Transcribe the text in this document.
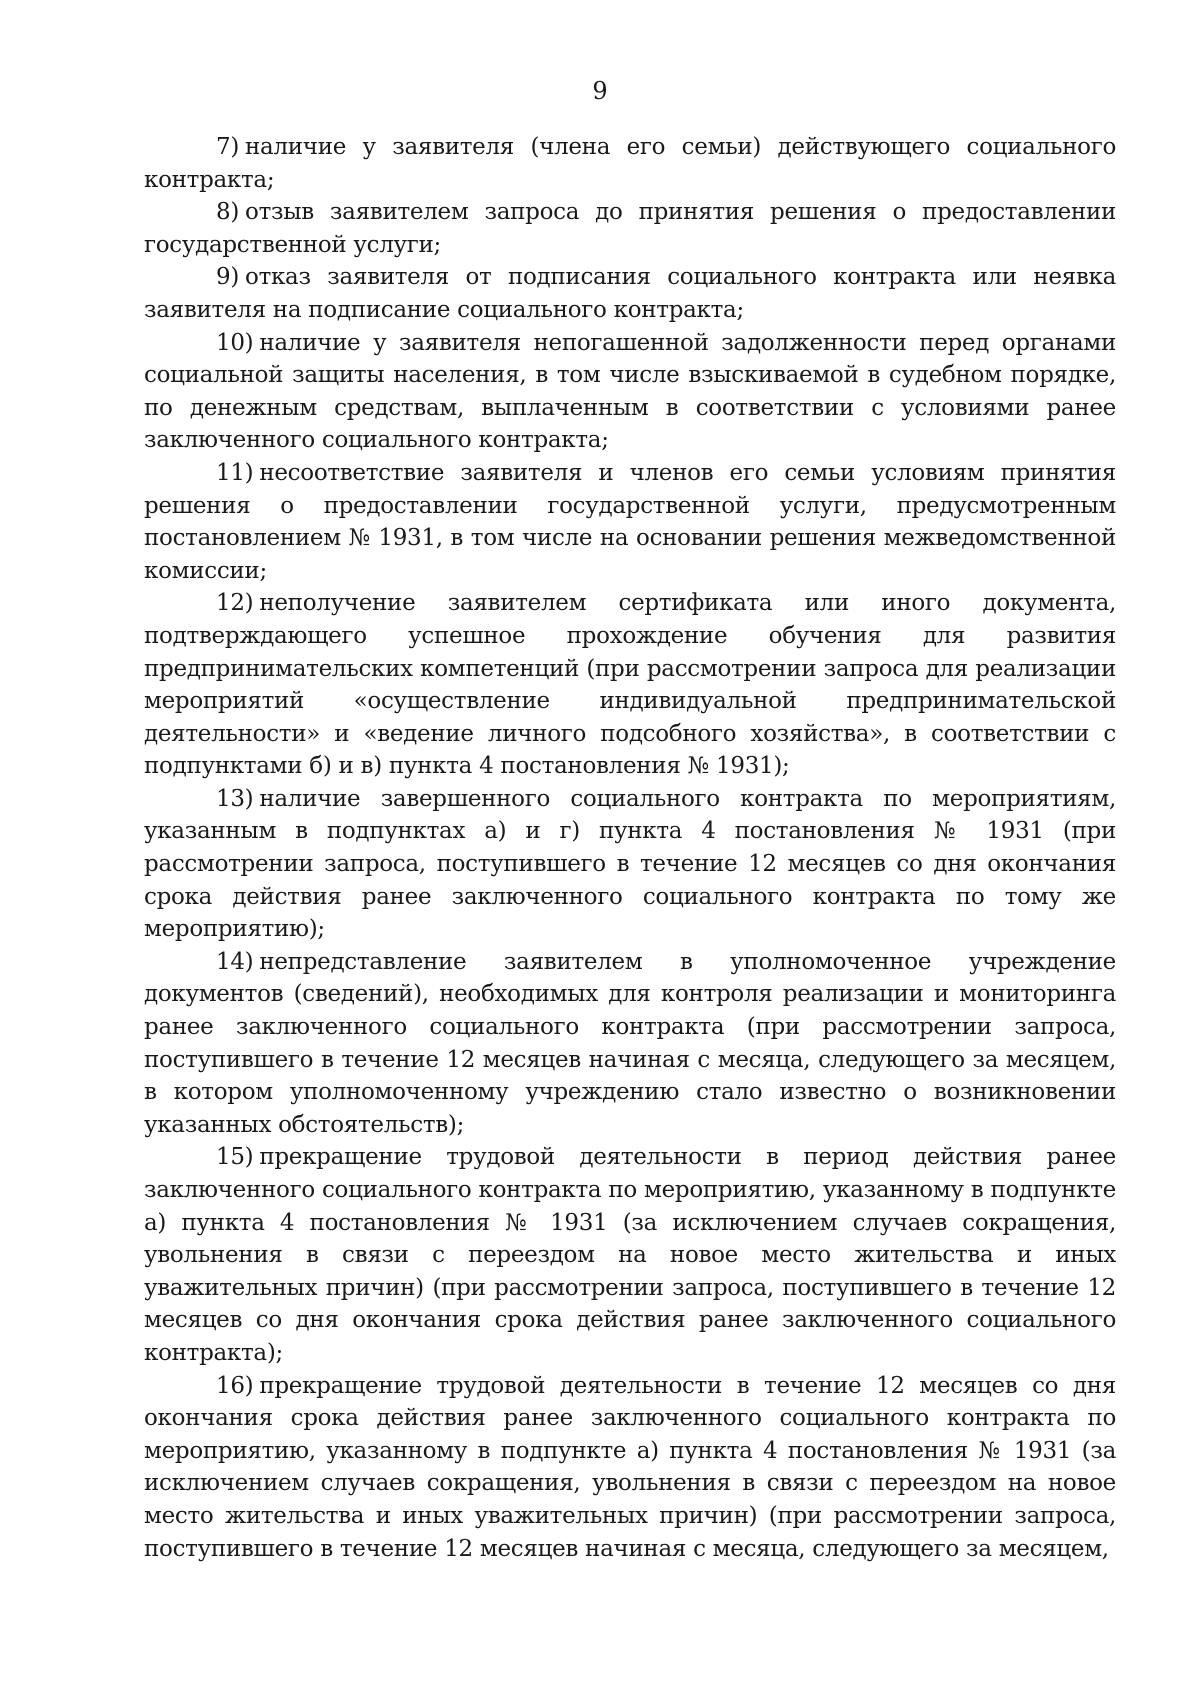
9

7) наличие у заявителя (члена его семьи) действующего социального контракта;

8) отзыв заявителем запроса до принятия решения о предоставлении государственной услуги;

9) отказ заявителя от подписания социального контракта или неявка заявителя на подписание социального контракта;

10) наличие у заявителя непогашенной задолженности перед органами социальной защиты населения, в том числе взыскиваемой в судебном порядке, по денежным средствам, выплаченным в соответствии с условиями ранее заключенного социального контракта;

11) несоответствие заявителя и членов его семьи условиям принятия решения о предоставлении государственной услуги, предусмотренным постановлением № 1931, в том числе на основании решения межведомственной комиссии;

12) неполучение заявителем сертификата или иного документа, подтверждающего успешное прохождение обучения для развития предпринимательских компетенций (при рассмотрении запроса для реализации мероприятий «осуществление индивидуальной предпринимательской деятельности» и «ведение личного подсобного хозяйства», в соответствии с подпунктами б) и в) пункта 4 постановления № 1931);

13) наличие завершенного социального контракта по мероприятиям, указанным в подпунктах а) и г) пункта 4 постановления № 1931 (при рассмотрении запроса, поступившего в течение 12 месяцев со дня окончания срока действия ранее заключенного социального контракта по тому же мероприятию);

14) непредставление заявителем в уполномоченное учреждение документов (сведений), необходимых для контроля реализации и мониторинга ранее заключенного социального контракта (при рассмотрении запроса, поступившего в течение 12 месяцев начиная с месяца, следующего за месяцем, в котором уполномоченному учреждению стало известно о возникновении указанных обстоятельств);

15) прекращение трудовой деятельности в период действия ранее заключенного социального контракта по мероприятию, указанному в подпункте а) пункта 4 постановления № 1931 (за исключением случаев сокращения, увольнения в связи с переездом на новое место жительства и иных уважительных причин) (при рассмотрении запроса, поступившего в течение 12 месяцев со дня окончания срока действия ранее заключенного социального контракта);

16) прекращение трудовой деятельности в течение 12 месяцев со дня окончания срока действия ранее заключенного социального контракта по мероприятию, указанному в подпункте а) пункта 4 постановления № 1931 (за исключением случаев сокращения, увольнения в связи с переездом на новое место жительства и иных уважительных причин) (при рассмотрении запроса, поступившего в течение 12 месяцев начиная с месяца, следующего за месяцем,
